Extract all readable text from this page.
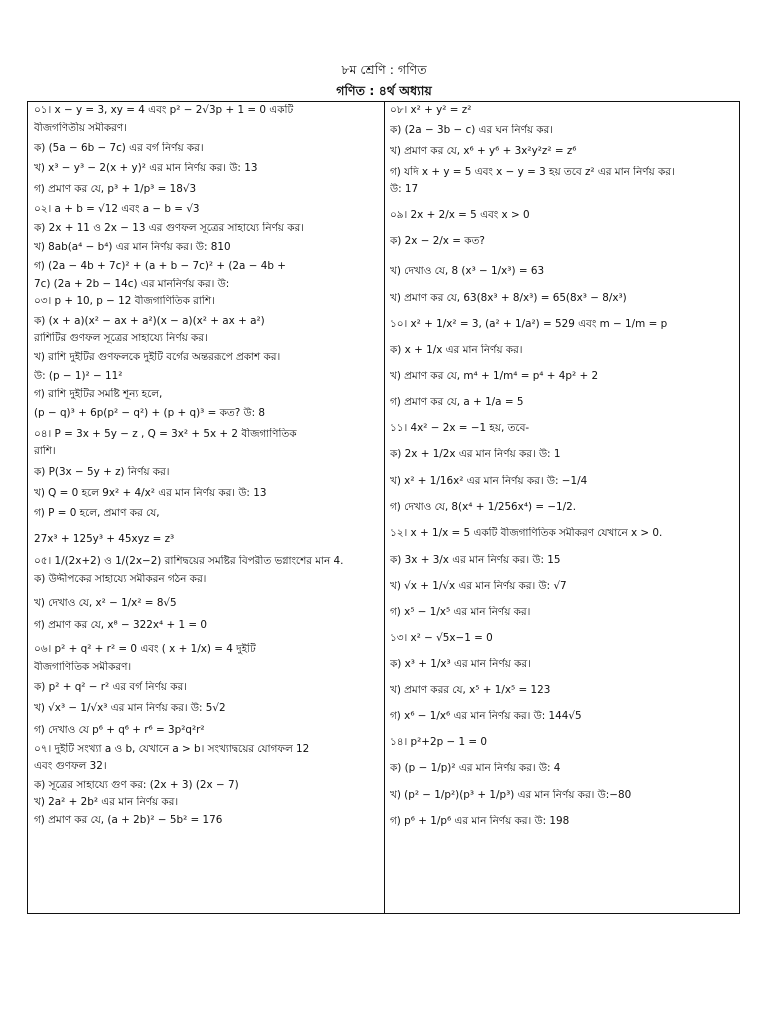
৮ম শ্রেণি : গণিত
গণিত : ৪র্থ অধ্যায়
০১। x − y = 3, xy = 4 এবং p² − 2√3p + 1 = 0 একটি
বীজগণিতীয় সমীকরণ।
ক) (5a − 6b − 7c) এর বর্গ নির্ণয় কর।
খ) x³ − y³ − 2(x + y)² এর মান নির্ণয় কর। উ: 13
গ) প্রমাণ কর যে, p³ + 1/p³ = 18√3
০২। a + b = √12 এবং a − b = √3
ক) 2x + 11 ও 2x − 13 এর গুণফল সূত্রের সাহায্যে নির্ণয় কর।
খ) 8ab(a⁴ − b⁴) এর মান নির্ণয় কর। উ: 810
গ) (2a − 4b + 7c)² + (a + b − 7c)² + (2a − 4b +
7c) (2a + 2b − 14c) এর মাননির্ণয় কর। উ:
০৩। p + 10, p − 12 বীজগাণিতিক রাশি।
ক) (x + a)(x² − ax + a²)(x − a)(x² + ax + a²)
রাশিটির গুণফল সূত্রের সাহায্যে নির্ণয় কর।
খ) রাশি দুইটির গুণফলকে দুইটি বর্গের অন্তররূপে প্রকাশ কর।
উ: (p − 1)² − 11²
গ) রাশি দুইটির সমষ্টি শূন্য হলে,
(p − q)³ + 6p(p² − q²) + (p + q)³ = কত? উ: 8
০৪। P = 3x + 5y − z , Q = 3x² + 5x + 2 বীজগাণিতিক
রাশি।
ক) P(3x − 5y + z) নির্ণয় কর।
খ) Q = 0 হলে 9x² + 4/x² এর মান নির্ণয় কর। উ: 13
গ) P = 0 হলে, প্রমাণ কর যে,
27x³ + 125y³ + 45xyz = z³
০৫। 1/(2x+2) ও 1/(2x−2) রাশিদ্বয়ের সমষ্টির বিপরীত ভগ্নাংশের মান 4.
ক) উদ্দীপকের সাহায্যে সমীকরন গঠন কর।
খ) দেখাও যে, x² − 1/x² = 8√5
গ) প্রমাণ কর যে, x⁸ − 322x⁴ + 1 = 0
০৬। p² + q² + r² = 0 এবং ( x + 1/x) = 4 দুইটি
বীজগাণিতিক সমীকরণ।
ক) p² + q² − r² এর বর্গ নির্ণয় কর।
খ) √x³ − 1/√x³ এর মান নির্ণয় কর। উ: 5√2
গ) দেখাও যে p⁶ + q⁶ + r⁶ = 3p²q²r²
০৭। দুইটি সংখ্যা a ও b, যেখানে a > b। সংখ্যাদ্বয়ের যোগফল 12
এবং গুণফল 32।
ক) সূত্রের সাহায্যে গুণ কর: (2x + 3) (2x − 7)
খ) 2a² + 2b² এর মান নির্ণয় কর।
গ) প্রমাণ কর যে, (a + 2b)² − 5b² = 176
০৮। x² + y² = z²
ক) (2a − 3b − c) এর ঘন নির্ণয় কর।
খ) প্রমাণ কর যে, x⁶ + y⁶ + 3x²y²z² = z⁶
গ) যদি x + y = 5 এবং x − y = 3 হয় তবে z² এর মান নির্ণয় কর।
উ: 17
০৯। 2x + 2/x = 5 এবং x > 0
ক) 2x − 2/x = কত?
খ) দেখাও যে, 8 (x³ − 1/x³) = 63
খ) প্রমাণ কর যে, 63(8x³ + 8/x³) = 65(8x³ − 8/x³)
১০। x² + 1/x² = 3, (a² + 1/a²) = 529 এবং m − 1/m = p
ক) x + 1/x এর মান নির্ণয় কর।
খ) প্রমাণ কর যে, m⁴ + 1/m⁴ = p⁴ + 4p² + 2
গ) প্রমাণ কর যে, a + 1/a = 5
১১। 4x² − 2x = −1 হয়, তবে-
ক) 2x + 1/2x এর মান নির্ণয় কর। উ: 1
খ) x² + 1/16x² এর মান নির্ণয় কর। উ: −1/4
গ) দেখাও যে, 8(x⁴ + 1/256x⁴) = −1/2.
১২। x + 1/x = 5 একটি বীজগাণিতিক সমীকরণ যেখানে x > 0.
ক) 3x + 3/x এর মান নির্ণয় কর। উ: 15
খ) √x + 1/√x এর মান নির্ণয় কর। উ: √7
গ) x⁵ − 1/x⁵ এর মান নির্ণয় কর।
১৩। x² − √5x−1 = 0
ক) x³ + 1/x³ এর মান নির্ণয় কর।
খ) প্রমাণ করর যে, x⁵ + 1/x⁵ = 123
গ) x⁶ − 1/x⁶ এর মান নির্ণয় কর। উ: 144√5
১৪। p²+2p − 1 = 0
ক) (p − 1/p)² এর মান নির্ণয় কর। উ: 4
খ) (p² − 1/p²)(p³ + 1/p³) এর মান নির্ণয় কর। উ:−80
গ) p⁶ + 1/p⁶ এর মান নির্ণয় কর। উ: 198
